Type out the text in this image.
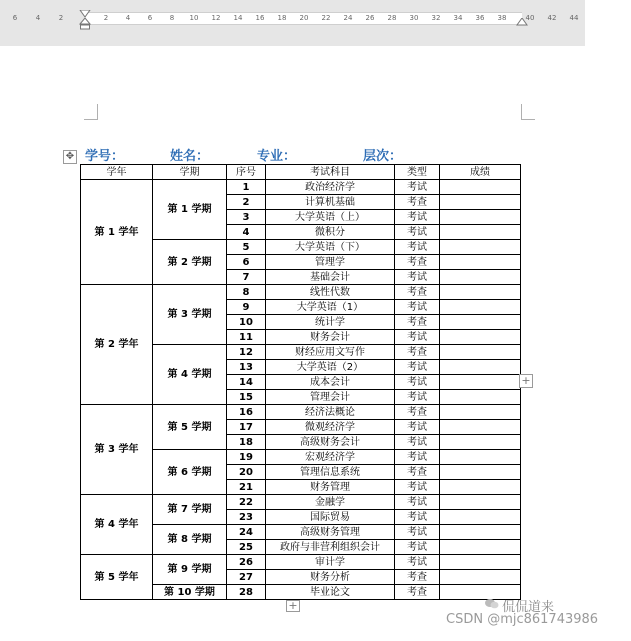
6	4	2	2	4	6	8 10 12 14 16 18 20 22 24 26 28 30 32 34 36 38	40 42 44
✥ 学号：	姓名：	专业：	层次：
学年	学期	序号	考试科目	类型	成绩
第 1 学年	第 1 学期	1	政治经济学	考试	
		2	计算机基础	考查	
		3	大学英语（上）	考试	
		4	微积分	考试	
	第 2 学期	5	大学英语（下）	考试	
		6	管理学	考查	
		7	基础会计	考试	
第 2 学年	第 3 学期	8	线性代数	考查	
		9	大学英语（1）	考试	
		10	统计学	考查	
		11	财务会计	考试	
	第 4 学期	12	财经应用文写作	考查	
		13	大学英语（2）	考试	
		14	成本会计	考试	
		15	管理会计	考试	
第 3 学年	第 5 学期	16	经济法概论	考查	
		17	微观经济学	考试	
		18	高级财务会计	考试	
	第 6 学期	19	宏观经济学	考试	
		20	管理信息系统	考查	
		21	财务管理	考试	
第 4 学年	第 7 学期	22	金融学	考试	
		23	国际贸易	考试	
	第 8 学期	24	高级财务管理	考试	
		25	政府与非营利组织会计	考试	
第 5 学年	第 9 学期	26	审计学	考试	
		27	财务分析	考查	
	第 10 学期	28	毕业论文	考查	
+
+	侃侃道来
CSDN @mjc861743986
